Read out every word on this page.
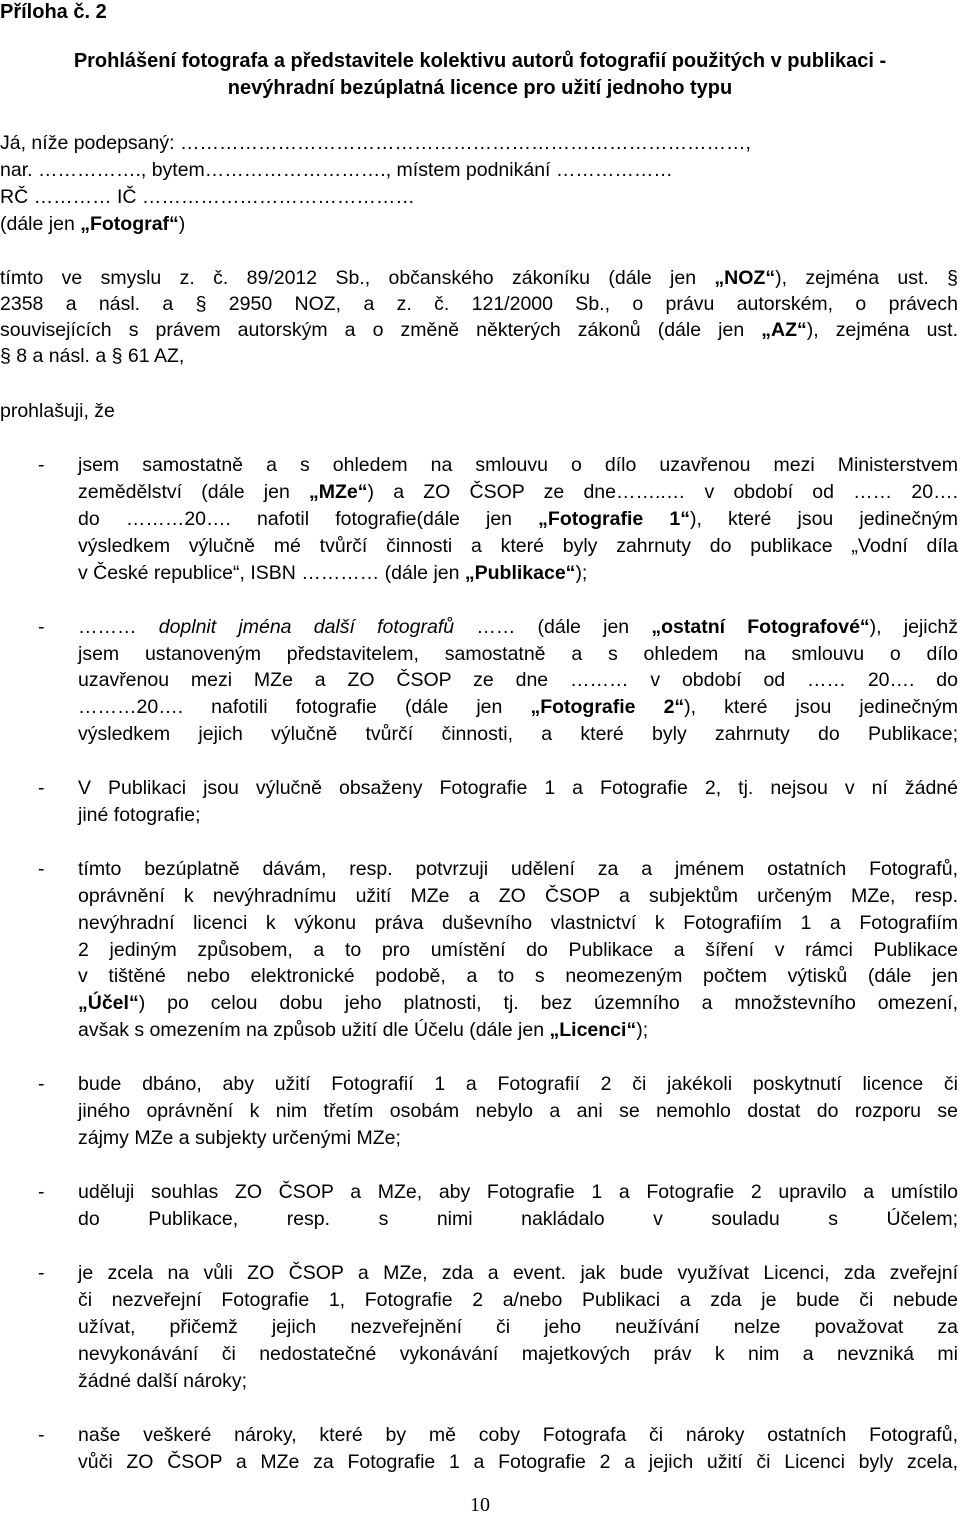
Příloha č. 2
Prohlášení fotografa a představitele kolektivu autorů fotografií použitých v publikaci -
nevýhradní bezúplatná licence pro užití jednoho typu
Já, níže podepsaný: ……………………………………………………………………………,
nar. ……………., bytem………………………., místem podnikání ………………
RČ ………… IČ ……………………………………
(dále jen „Fotograf“)
tímto ve smyslu z. č. 89/2012 Sb., občanského zákoníku (dále jen „NOZ“), zejména ust. §
2358 a násl. a § 2950 NOZ, a z. č. 121/2000 Sb., o právu autorském, o právech
souvisejících s právem autorským a o změně některých zákonů (dále jen „AZ“), zejména ust.
§ 8 a násl. a § 61 AZ,
prohlašuji, že
- jsem samostatně a s ohledem na smlouvu o dílo uzavřenou mezi Ministerstvem
zemědělství (dále jen „MZe“) a ZO ČSOP ze dne……..… v období od …… 20….
do ………20…. nafotil fotografie(dále jen „Fotografie 1“), které jsou jedinečným
výsledkem výlučně mé tvůrčí činnosti a které byly zahrnuty do publikace „Vodní díla
v České republice“, ISBN ………… (dále jen „Publikace“);
- ……… doplnit jména další fotografů …… (dále jen „ostatní Fotografové“), jejichž
jsem ustanoveným představitelem, samostatně a s ohledem na smlouvu o dílo
uzavřenou mezi MZe a ZO ČSOP ze dne ……… v období od …… 20…. do
………20…. nafotili fotografie (dále jen „Fotografie 2“), které jsou jedinečným
výsledkem jejich výlučně tvůrčí činnosti, a které byly zahrnuty do Publikace;
- V Publikaci jsou výlučně obsaženy Fotografie 1 a Fotografie 2, tj. nejsou v ní žádné
jiné fotografie;
- tímto bezúplatně dávám, resp. potvrzuji udělení za a jménem ostatních Fotografů,
oprávnění k nevýhradnímu užití MZe a ZO ČSOP a subjektům určeným MZe, resp.
nevýhradní licenci k výkonu práva duševního vlastnictví k Fotografiím 1 a Fotografiím
2 jediným způsobem, a to pro umístění do Publikace a šíření v rámci Publikace
v tištěné nebo elektronické podobě, a to s neomezeným počtem výtisků (dále jen
„Účel“) po celou dobu jeho platnosti, tj. bez územního a množstevního omezení,
avšak s omezením na způsob užití dle Účelu (dále jen „Licenci“);
- bude dbáno, aby užití Fotografií 1 a Fotografií 2 či jakékoli poskytnutí licence či
jiného oprávnění k nim třetím osobám nebylo a ani se nemohlo dostat do rozporu se
zájmy MZe a subjekty určenými MZe;
- uděluji souhlas ZO ČSOP a MZe, aby Fotografie 1 a Fotografie 2 upravilo a umístilo
do Publikace, resp. s nimi nakládalo v souladu s Účelem;
- je zcela na vůli ZO ČSOP a MZe, zda a event. jak bude využívat Licenci, zda zveřejní
či nezveřejní Fotografie 1, Fotografie 2 a/nebo Publikaci a zda je bude či nebude
užívat, přičemž jejich nezveřejnění či jeho neužívání nelze považovat za
nevykonávání či nedostatečné vykonávání majetkových práv k nim a nevzniká mi
žádné další nároky;
- naše veškeré nároky, které by mě coby Fotografa či nároky ostatních Fotografů,
vůči ZO ČSOP a MZe za Fotografie 1 a Fotografie 2 a jejich užití či Licenci byly zcela,
10
